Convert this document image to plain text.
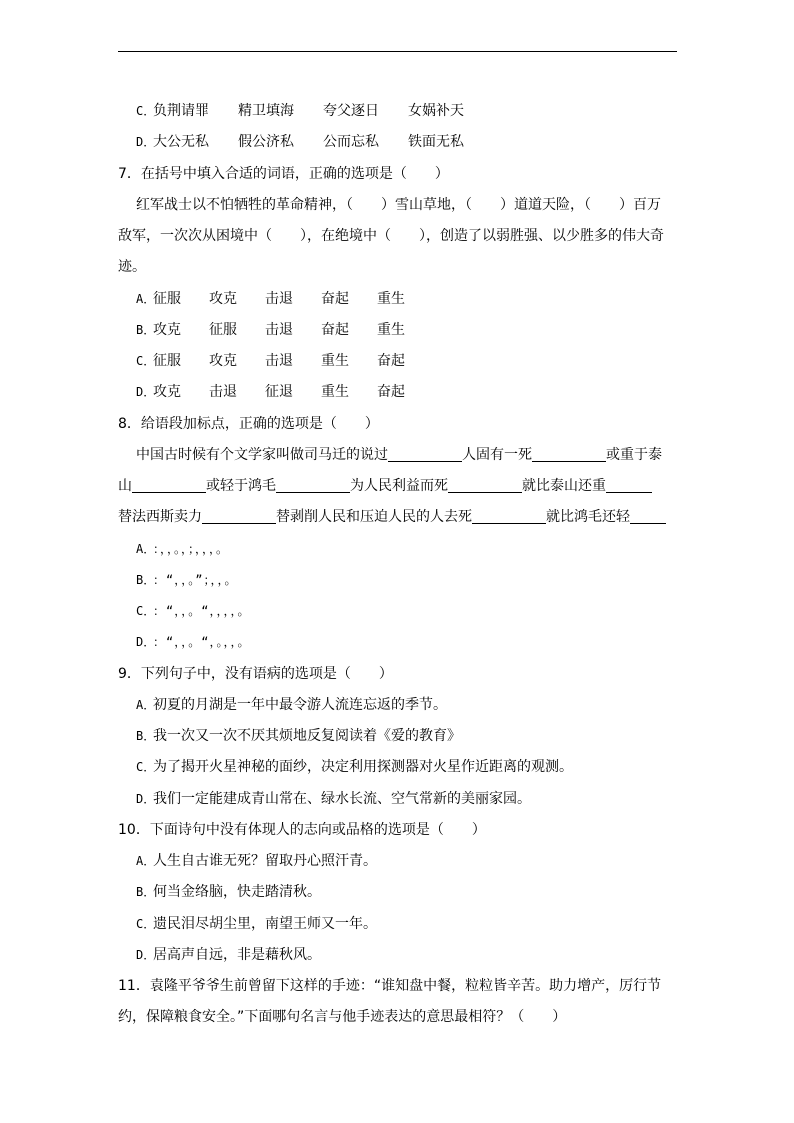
C．负荆请罪 精卫填海 夸父逐日 女娲补天
D．大公无私 假公济私 公而忘私 铁面无私
7．在括号中填入合适的词语，正确的选项是（　　）
红军战士以不怕牺牲的革命精神，（　　）雪山草地，（　　）道道天险，（　　）百万
敌军，一次次从困境中（　　），在绝境中（　　），创造了以弱胜强、以少胜多的伟大奇
迹。
A．征服 攻克 击退 奋起 重生
B．攻克 征服 击退 奋起 重生
C．征服 攻克 击退 重生 奋起
D．攻克 击退 征退 重生 奋起
8．给语段加标点，正确的选项是（　　）
中国古时候有个文学家叫做司马迁的说过	人固有一死	或重于泰
山	或轻于鸿毛	为人民利益而死	就比泰山还重
替法西斯卖力	替剥削人民和压迫人民的人去死	就比鸿毛还轻
A．：，，。，；，，，。
B．：“，，。”；，，。
C．：“，，。“，，，，。
D．：“，，。“，。，，。
9．下列句子中，没有语病的选项是（　　）
A．初夏的月湖是一年中最令游人流连忘返的季节。
B．我一次又一次不厌其烦地反复阅读着《爱的教育》
C．为了揭开火星神秘的面纱，决定利用探测器对火星作近距离的观测。
D．我们一定能建成青山常在、绿水长流、空气常新的美丽家园。
10．下面诗句中没有体现人的志向或品格的选项是（　　）
A．人生自古谁无死？留取丹心照汗青。
B．何当金络脑，快走踏清秋。
C．遗民泪尽胡尘里，南望王师又一年。
D．居高声自远，非是藉秋风。
11．袁隆平爷爷生前曾留下这样的手迹：“谁知盘中餐，粒粒皆辛苦。助力增产，厉行节
约，保障粮食安全。”下面哪句名言与他手迹表达的意思最相符？（　　）
